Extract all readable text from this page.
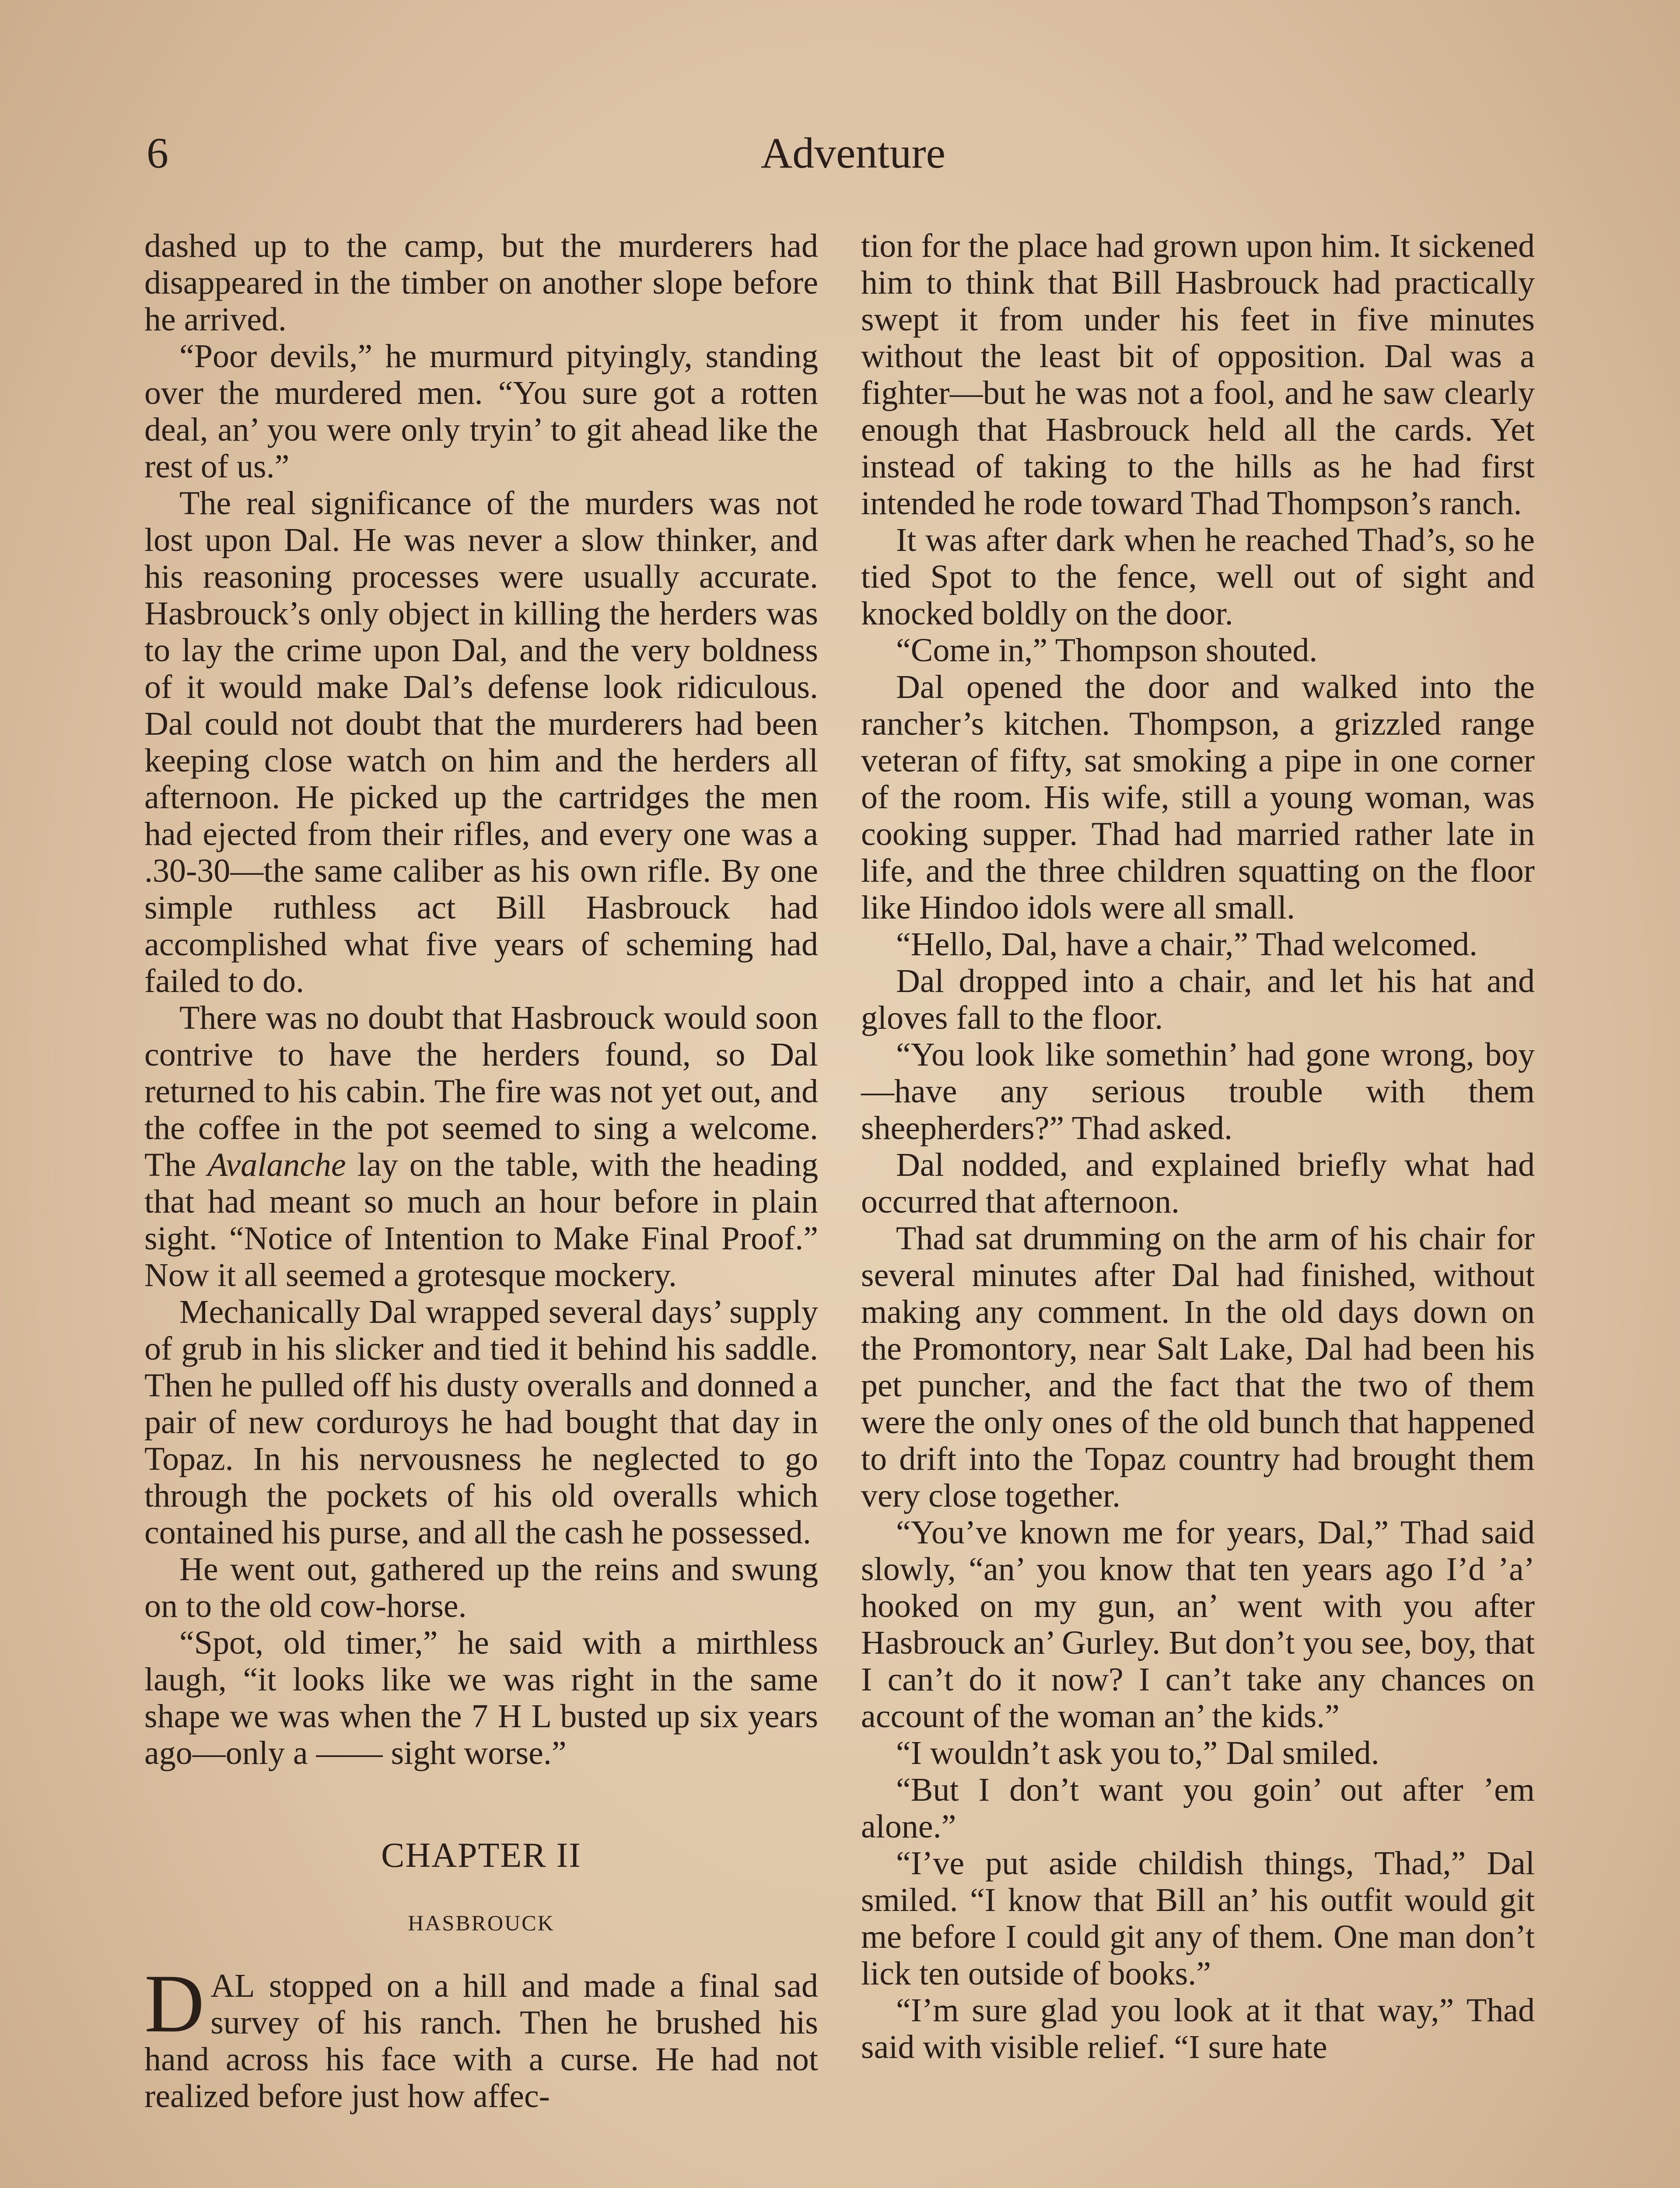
6	Adventure

dashed up to the camp, but the murderers had disappeared in the timber on another slope before he arrived.

“Poor devils,” he murmurd pityingly, standing over the murdered men. “You sure got a rotten deal, an’ you were only tryin’ to git ahead like the rest of us.”

The real significance of the murders was not lost upon Dal. He was never a slow thinker, and his reasoning processes were usually accurate. Hasbrouck’s only object in killing the herders was to lay the crime upon Dal, and the very boldness of it would make Dal’s defense look ridiculous. Dal could not doubt that the murderers had been keeping close watch on him and the herders all afternoon. He picked up the cartridges the men had ejected from their rifles, and every one was a .30-30—the same caliber as his own rifle. By one simple ruthless act Bill Hasbrouck had accomplished what five years of scheming had failed to do.

There was no doubt that Hasbrouck would soon contrive to have the herders found, so Dal returned to his cabin. The fire was not yet out, and the coffee in the pot seemed to sing a welcome. The Avalanche lay on the table, with the heading that had meant so much an hour before in plain sight. “Notice of Intention to Make Final Proof.” Now it all seemed a grotesque mockery.

Mechanically Dal wrapped several days’ supply of grub in his slicker and tied it behind his saddle. Then he pulled off his dusty overalls and donned a pair of new corduroys he had bought that day in Topaz. In his nervousness he neglected to go through the pockets of his old overalls which contained his purse, and all the cash he possessed.

He went out, gathered up the reins and swung on to the old cow-horse.

“Spot, old timer,” he said with a mirthless laugh, “it looks like we was right in the same shape we was when the 7 H L busted up six years ago—only a —— sight worse.”

CHAPTER II
HASBROUCK

DAL stopped on a hill and made a final sad survey of his ranch. Then he brushed his hand across his face with a curse. He had not realized before just how affec-

tion for the place had grown upon him. It sickened him to think that Bill Hasbrouck had practically swept it from under his feet in five minutes without the least bit of opposition. Dal was a fighter—but he was not a fool, and he saw clearly enough that Hasbrouck held all the cards. Yet instead of taking to the hills as he had first intended he rode toward Thad Thompson’s ranch.

It was after dark when he reached Thad’s, so he tied Spot to the fence, well out of sight and knocked boldly on the door.

“Come in,” Thompson shouted.

Dal opened the door and walked into the rancher’s kitchen. Thompson, a grizzled range veteran of fifty, sat smoking a pipe in one corner of the room. His wife, still a young woman, was cooking supper. Thad had married rather late in life, and the three children squatting on the floor like Hindoo idols were all small.

“Hello, Dal, have a chair,” Thad welcomed.

Dal dropped into a chair, and let his hat and gloves fall to the floor.

“You look like somethin’ had gone wrong, boy—have any serious trouble with them sheepherders?” Thad asked.

Dal nodded, and explained briefly what had occurred that afternoon.

Thad sat drumming on the arm of his chair for several minutes after Dal had finished, without making any comment. In the old days down on the Promontory, near Salt Lake, Dal had been his pet puncher, and the fact that the two of them were the only ones of the old bunch that happened to drift into the Topaz country had brought them very close together.

“You’ve known me for years, Dal,” Thad said slowly, “an’ you know that ten years ago I’d ’a’ hooked on my gun, an’ went with you after Hasbrouck an’ Gurley. But don’t you see, boy, that I can’t do it now? I can’t take any chances on account of the woman an’ the kids.”

“I wouldn’t ask you to,” Dal smiled.

“But I don’t want you goin’ out after ’em alone.”

“I’ve put aside childish things, Thad,” Dal smiled. “I know that Bill an’ his outfit would git me before I could git any of them. One man don’t lick ten outside of books.”

“I’m sure glad you look at it that way,” Thad said with visible relief. “I sure hate
